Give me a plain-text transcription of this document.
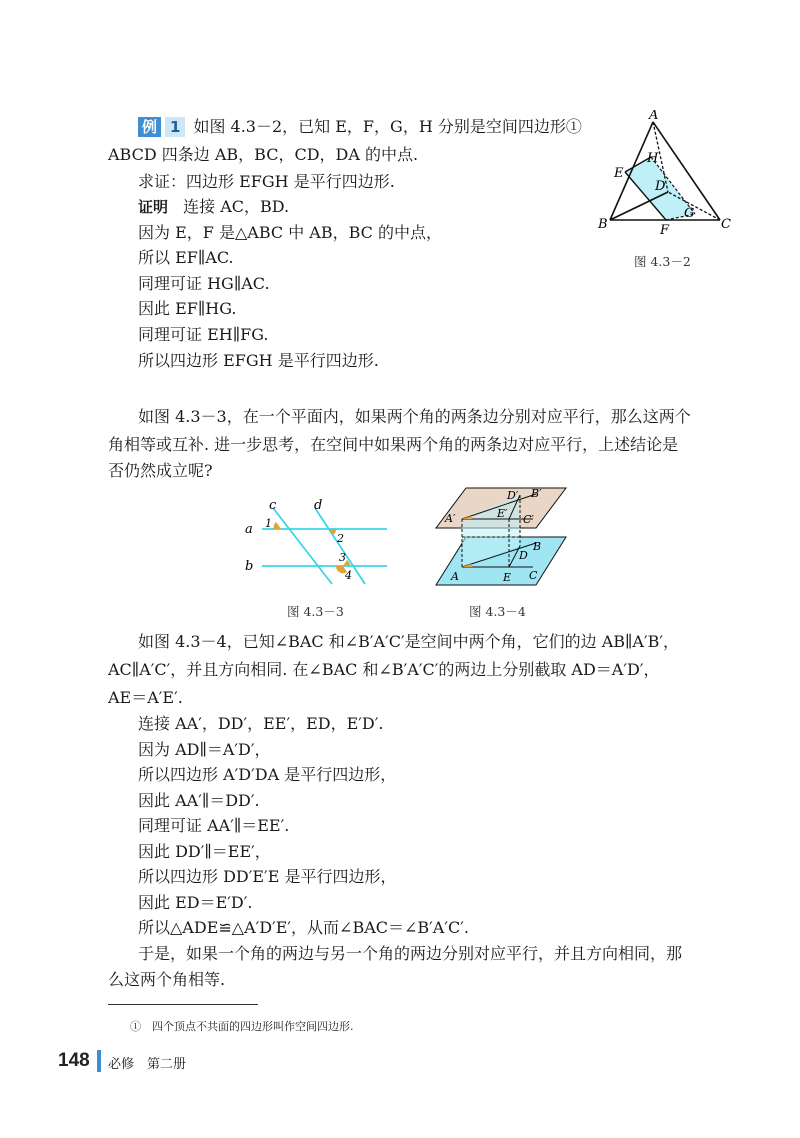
例 1 如图 4.3－2，已知 E，F，G，H 分别是空间四边形①
ABCD 四条边 AB，BC，CD，DA 的中点.
求证：四边形 EFGH 是平行四边形.
证明 连接 AC，BD.
因为 E，F 是△ABC 中 AB，BC 的中点，
所以 EF∥AC.
同理可证 HG∥AC.
因此 EF∥HG.
同理可证 EH∥FG.
所以四边形 EFGH 是平行四边形.
A
B	C
D
E
F
G
H
图 4.3－2
如图 4.3－3，在一个平面内，如果两个角的两条边分别对应平行，那么这两个
角相等或互补. 进一步思考，在空间中如果两个角的两条边对应平行，上述结论是
否仍然成立呢?
c	d
a
b
1
2
3
4
图 4.3－3
D′ B′
A′	E′ C′
B
D
A	E C
图 4.3－4
如图 4.3－4，已知∠BAC 和∠B′A′C′是空间中两个角，它们的边 AB∥A′B′，
AC∥A′C′，并且方向相同. 在∠BAC 和∠B′A′C′的两边上分别截取 AD＝A′D′，
AE＝A′E′.
连接 AA′，DD′，EE′，ED，E′D′.
因为 AD∥＝A′D′，
所以四边形 A′D′DA 是平行四边形，
因此 AA′∥＝DD′.
同理可证 AA′∥＝EE′.
因此 DD′∥＝EE′，
所以四边形 DD′E′E 是平行四边形，
因此 ED＝E′D′.
所以△ADE≌△A′D′E′，从而∠BAC＝∠B′A′C′.
于是，如果一个角的两边与另一个角的两边分别对应平行，并且方向相同，那
么这两个角相等.
①　四个顶点不共面的四边形叫作空间四边形.
148 必修　第二册
